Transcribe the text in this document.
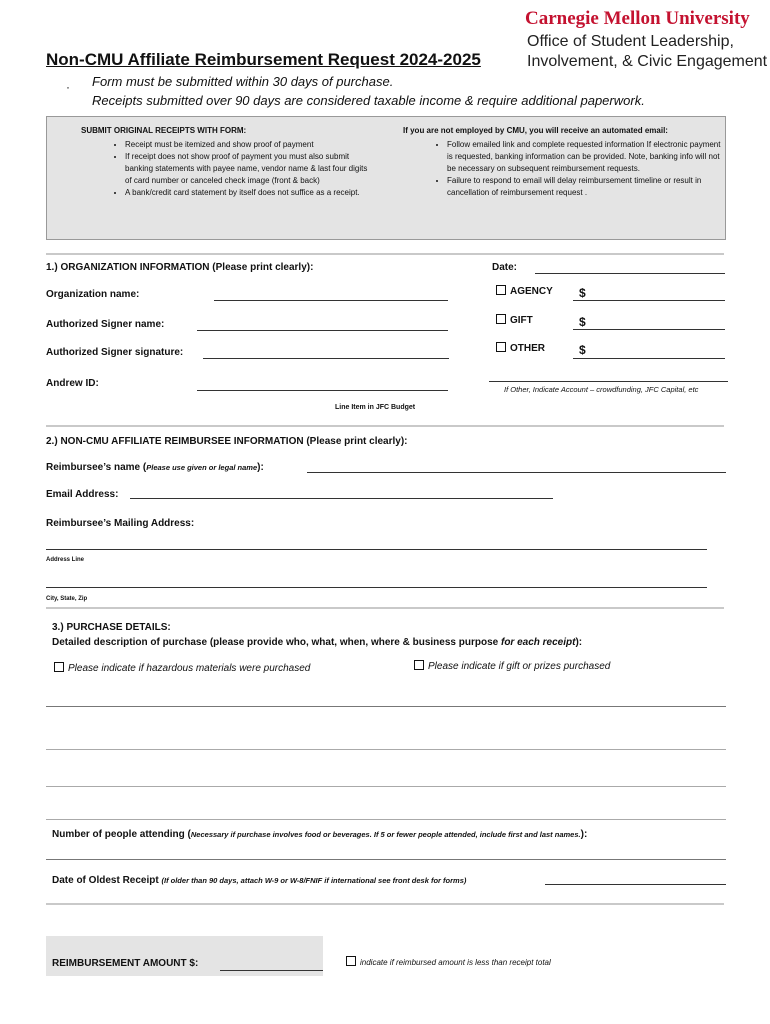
Carnegie Mellon University
Office of Student Leadership,
Involvement, & Civic Engagement
Non-CMU Affiliate Reimbursement Request 2024-2025
· Form must be submitted within 30 days of purchase.
Receipts submitted over 90 days are considered taxable income & require additional paperwork.
SUBMIT ORIGINAL RECEIPTS WITH FORM:
• Receipt must be itemized and show proof of payment
• If receipt does not show proof of payment you must also submit banking statements with payee name, vendor name & last four digits of card number or canceled check image (front & back)
• A bank/credit card statement by itself does not suffice as a receipt.
If you are not employed by CMU, you will receive an automated email:
• Follow emailed link and complete requested information If electronic payment is requested, banking information can be provided. Note, banking info will not be necessary on subsequent reimbursement requests.
• Failure to respond to email will delay reimbursement timeline or result in cancellation of reimbursement request .
1.) ORGANIZATION INFORMATION (Please print clearly):	Date:
Organization name:
Authorized Signer name:
Authorized Signer signature:
Andrew ID:
AGENCY $
GIFT	$
OTHER	$
If Other, Indicate Account – crowdfunding, JFC Capital, etc
Line Item in JFC Budget
2.) NON-CMU AFFILIATE REIMBURSEE INFORMATION (Please print clearly):
Reimbursee’s name (Please use given or legal name):
Email Address:
Reimbursee’s Mailing Address:
Address Line
City, State, Zip
3.) PURCHASE DETAILS:
Detailed description of purchase (please provide who, what, when, where & business purpose for each receipt):
Please indicate if hazardous materials were purchased	Please indicate if gift or prizes purchased
Number of people attending (Necessary if purchase involves food or beverages. If 5 or fewer people attended, include first and last names.):
Date of Oldest Receipt (If older than 90 days, attach W-9 or W-8/FNIF if international see front desk for forms)
REIMBURSEMENT AMOUNT $:	indicate if reimbursed amount is less than receipt total
